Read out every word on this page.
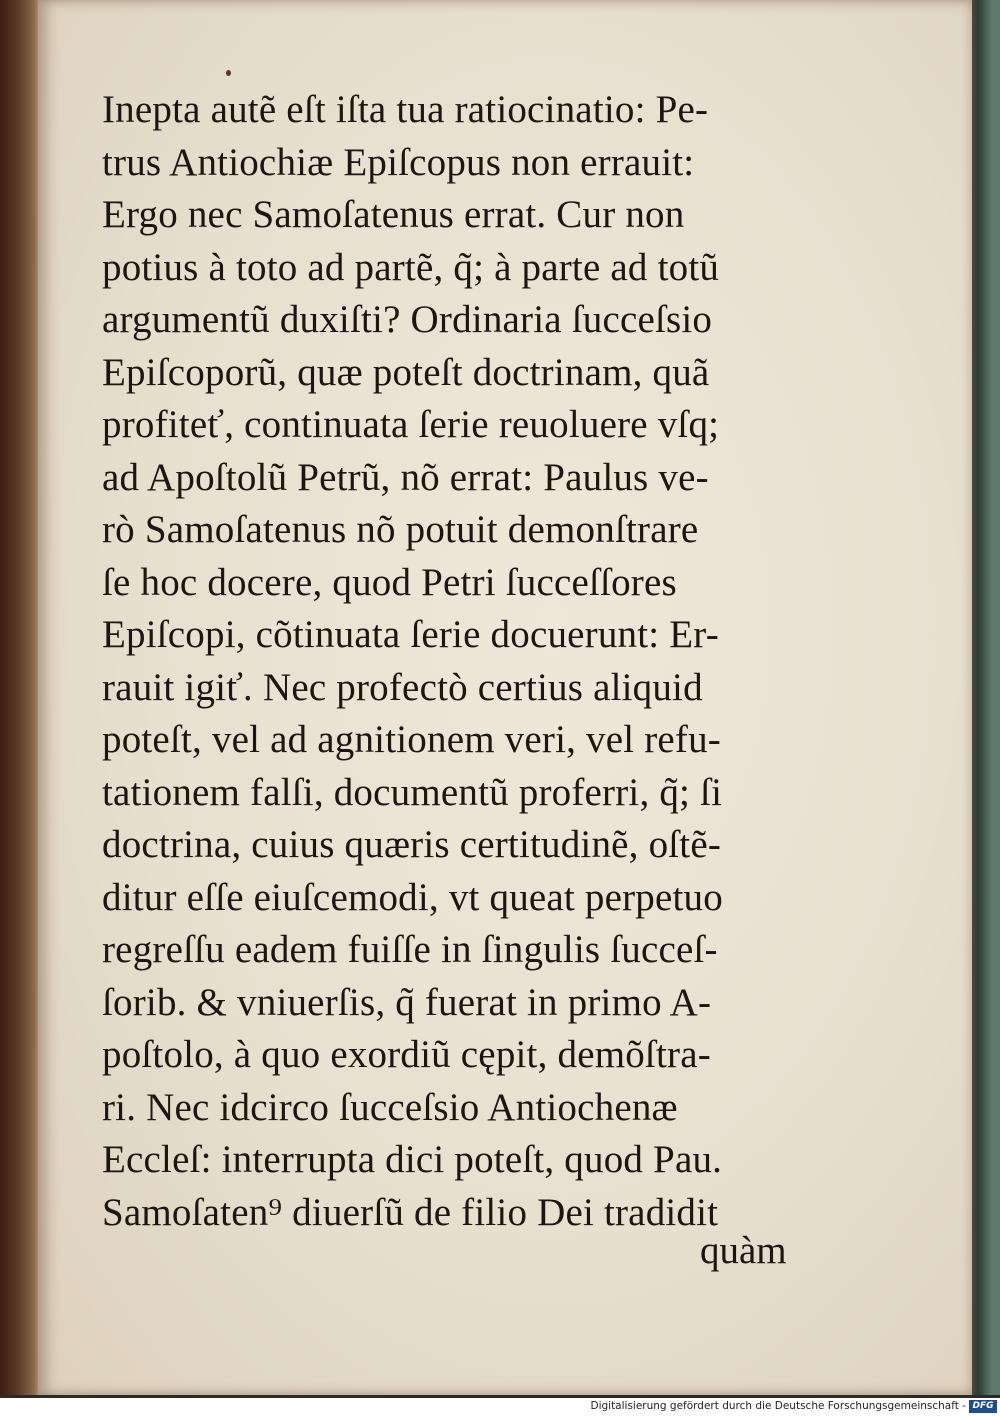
Inepta autẽ eſt iſta tua ratiocinatio: Pe-
trus Antiochiæ Epiſcopus non errauit:
Ergo nec Samoſatenus errat. Cur non
potius à toto ad partẽ, q̃; à parte ad totũ
argumentũ duxiſti? Ordinaria ſucceſsio
Epiſcoporũ, quæ poteſt doctrinam, quã
profiteť, continuata ſerie reuoluere vſq;
ad Apoſtolũ Petrũ, nõ errat: Paulus ve-
rò Samoſatenus nõ potuit demonſtrare
ſe hoc docere, quod Petri ſucceſſores
Epiſcopi, cõtinuata ſerie docuerunt: Er-
rauit igiť. Nec profectò certius aliquid
poteſt, vel ad agnitionem veri, vel refu-
tationem falſi, documentũ proferri, q̃; ſi
doctrina, cuius quæris certitudinẽ, oſtẽ-
ditur eſſe eiuſcemodi, vt queat perpetuo
regreſſu eadem fuiſſe in ſingulis ſucceſ-
ſorib. & vniuerſis, q̃ fuerat in primo A-
poſtolo, à quo exordiũ cępit, demõſtra-
ri. Nec idcirco ſucceſsio Antiochenæ
Eccleſ: interrupta dici poteſt, quod Pau.
Samoſaten⁹ diuerſũ de filio Dei tradidit
quàm
Digitalisierung gefördert durch die Deutsche Forschungsgemeinschaft - DFG
